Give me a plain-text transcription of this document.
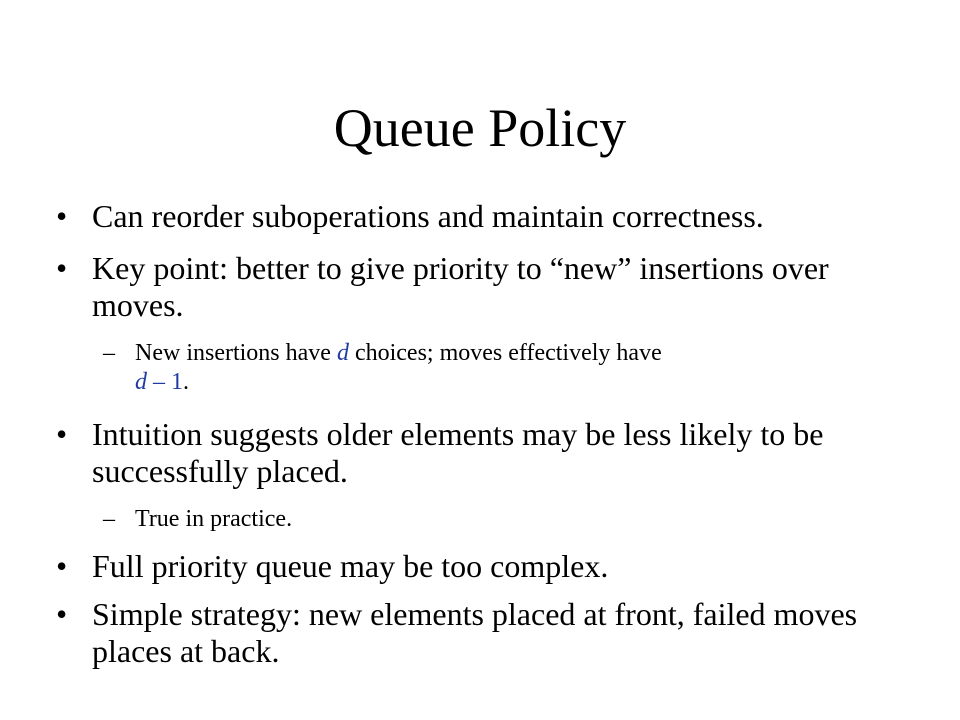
Queue Policy

• Can reorder suboperations and maintain correctness.

• Key point: better to give priority to “new” insertions over moves.

– New insertions have d choices; moves effectively have
d – 1.

• Intuition suggests older elements may be less likely to be successfully placed.

– True in practice.

• Full priority queue may be too complex.

• Simple strategy: new elements placed at front, failed moves places at back.
